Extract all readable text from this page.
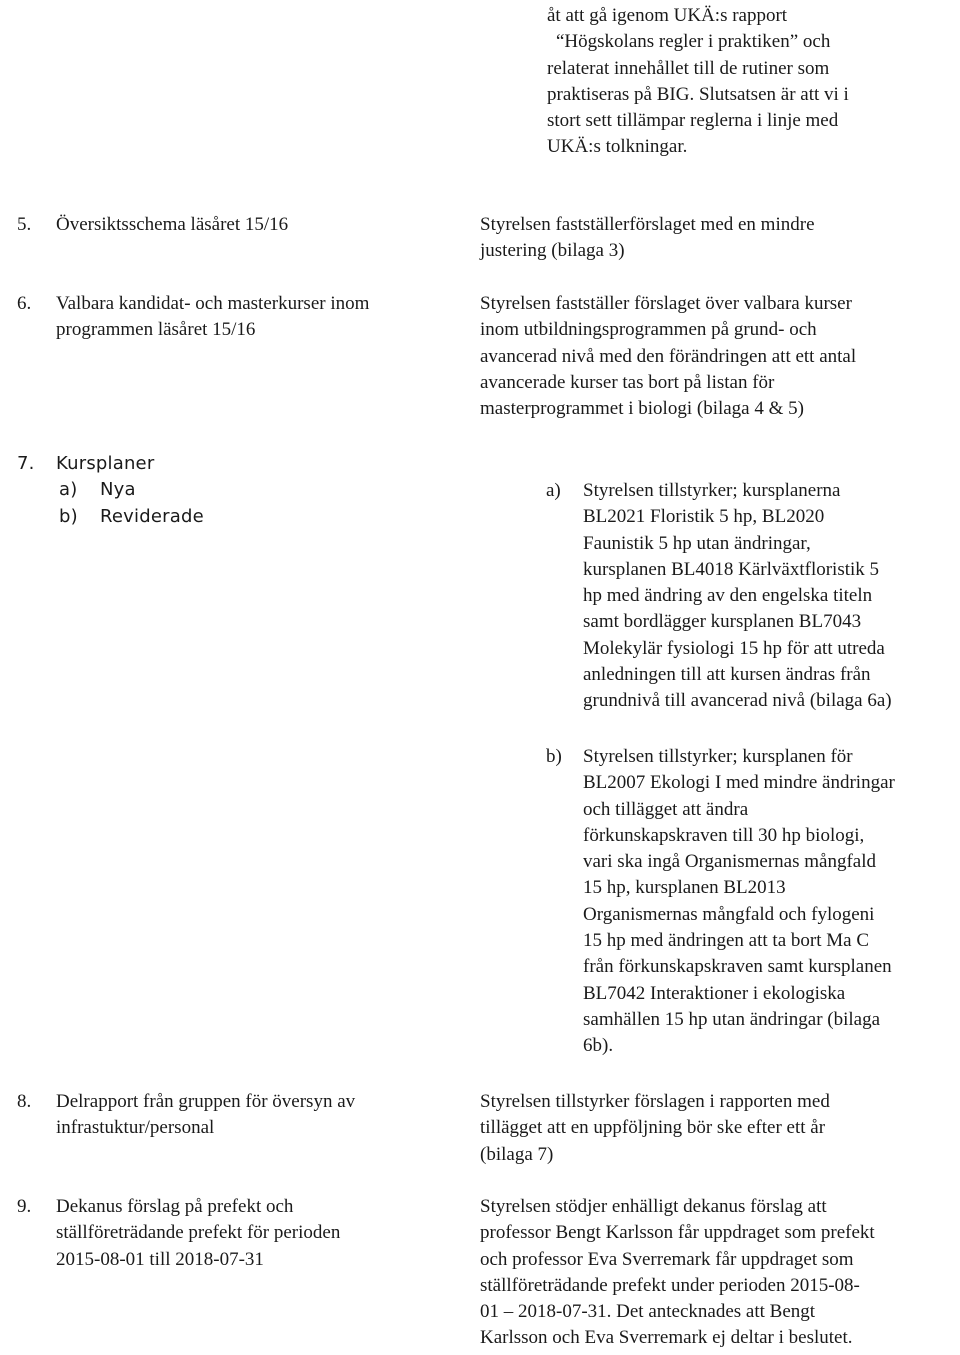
åt att gå igenom UKÄ:s rapport
“Högskolans regler i praktiken” och
relaterat innehållet till de rutiner som
praktiseras på BIG. Slutsatsen är att vi i
stort sett tillämpar reglerna i linje med
UKÄ:s tolkningar.
5. Översiktsschema läsåret 15/16	Styrelsen fastställerförslaget med en mindre
justering (bilaga 3)
6. Valbara kandidat- och masterkurser inom
programmen läsåret 15/16
Styrelsen fastställer förslaget över valbara kurser
inom utbildningsprogrammen på grund- och
avancerad nivå med den förändringen att ett antal
avancerade kurser tas bort på listan för
masterprogrammet i biologi (bilaga 4 & 5)
7. Kursplaner
a) Nya
b) Reviderade
a) Styrelsen tillstyrker; kursplanerna
BL2021 Floristik 5 hp, BL2020
Faunistik 5 hp utan ändringar,
kursplanen BL4018 Kärlväxtfloristik 5
hp med ändring av den engelska titeln
samt bordlägger kursplanen BL7043
Molekylär fysiologi 15 hp för att utreda
anledningen till att kursen ändras från
grundnivå till avancerad nivå (bilaga 6a)
b) Styrelsen tillstyrker; kursplanen för
BL2007 Ekologi I med mindre ändringar
och tillägget att ändra
förkunskapskraven till 30 hp biologi,
vari ska ingå Organismernas mångfald
15 hp, kursplanen BL2013
Organismernas mångfald och fylogeni
15 hp med ändringen att ta bort Ma C
från förkunskapskraven samt kursplanen
BL7042 Interaktioner i ekologiska
samhällen 15 hp utan ändringar (bilaga
6b).
8. Delrapport från gruppen för översyn av
infrastuktur/personal
Styrelsen tillstyrker förslagen i rapporten med
tillägget att en uppföljning bör ske efter ett år
(bilaga 7)
9. Dekanus förslag på prefekt och
ställföreträdande prefekt för perioden
2015-08-01 till 2018-07-31
Styrelsen stödjer enhälligt dekanus förslag att
professor Bengt Karlsson får uppdraget som prefekt
och professor Eva Sverremark får uppdraget som
ställföreträdande prefekt under perioden 2015-08-
01 – 2018-07-31. Det antecknades att Bengt
Karlsson och Eva Sverremark ej deltar i beslutet.
